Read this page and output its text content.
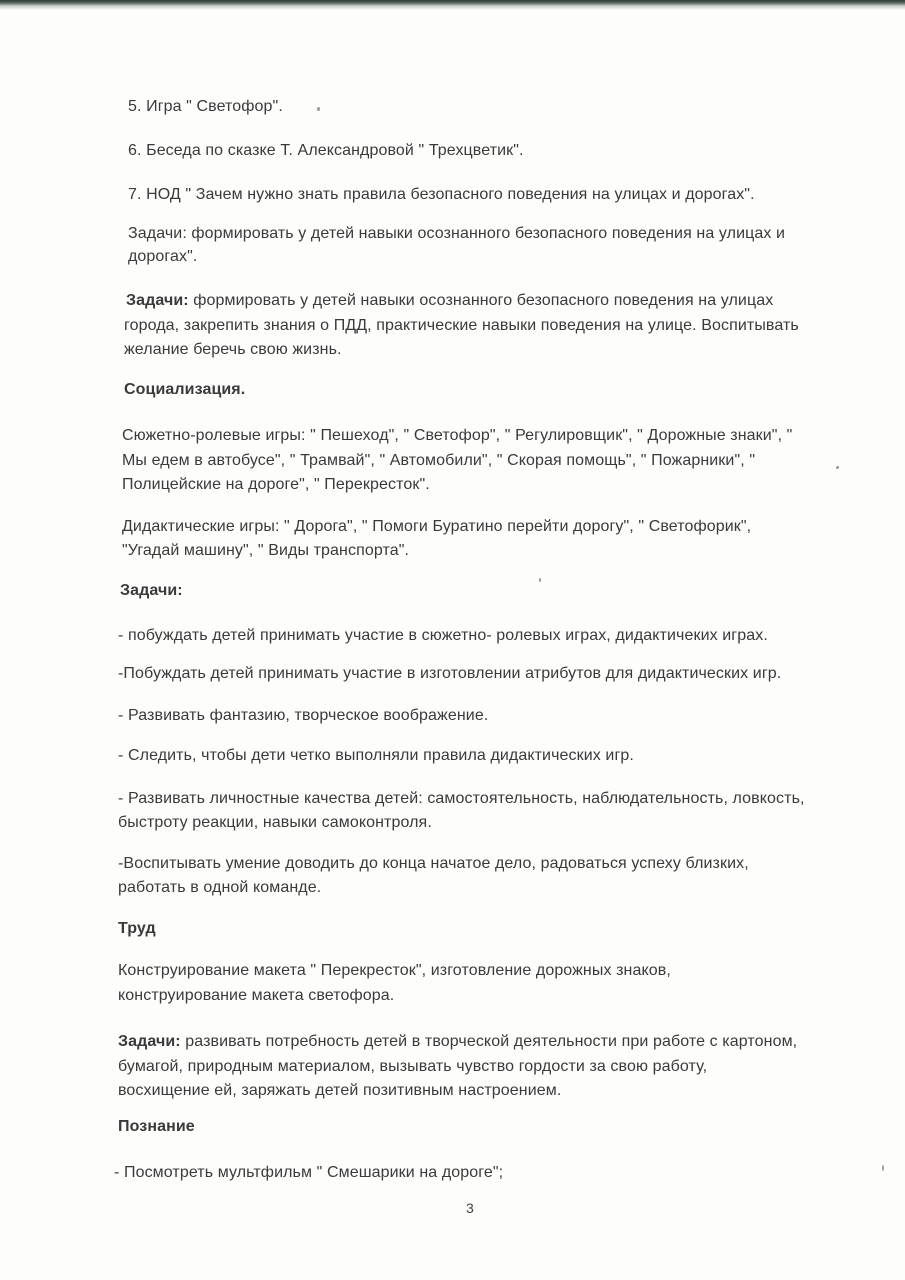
5. Игра " Светофор".
6. Беседа по сказке Т. Александровой " Трехцветик".
7. НОД " Зачем нужно знать правила безопасного поведения на улицах и дорогах".
Задачи: формировать у детей навыки осознанного безопасного поведения на улицах и
дорогах".
Задачи: формировать у детей навыки осознанного безопасного поведения на улицах
города, закрепить знания о ПДД, практические навыки поведения на улице. Воспитывать
желание беречь свою жизнь.
Социализация.
Сюжетно-ролевые игры: " Пешеход", " Светофор", " Регулировщик", " Дорожные знаки", "
Мы едем в автобусе", " Трамвай", " Автомобили", " Скорая помощь", " Пожарники", "
Полицейские на дороге", " Перекресток".
Дидактические игры: " Дорога", " Помоги Буратино перейти дорогу", " Светофорик",
"Угадай машину", " Виды транспорта".
Задачи:
- побуждать детей принимать участие в сюжетно- ролевых играх, дидактичеких играх.
-Побуждать детей принимать участие в изготовлении атрибутов для дидактических игр.
- Развивать фантазию, творческое воображение.
- Следить, чтобы дети четко выполняли правила дидактических игр.
- Развивать личностные качества детей: самостоятельность, наблюдательность, ловкость,
быстроту реакции, навыки самоконтроля.
-Воспитывать умение доводить до конца начатое дело, радоваться успеху близких,
работать в одной команде.
Труд
Конструирование макета " Перекресток", изготовление дорожных знаков,
конструирование макета светофора.
Задачи: развивать потребность детей в творческой деятельности при работе с картоном,
бумагой, природным материалом, вызывать чувство гордости за свою работу,
восхищение ей, заряжать детей позитивным настроением.
Познание
- Посмотреть мультфильм " Смешарики на дороге";
3
